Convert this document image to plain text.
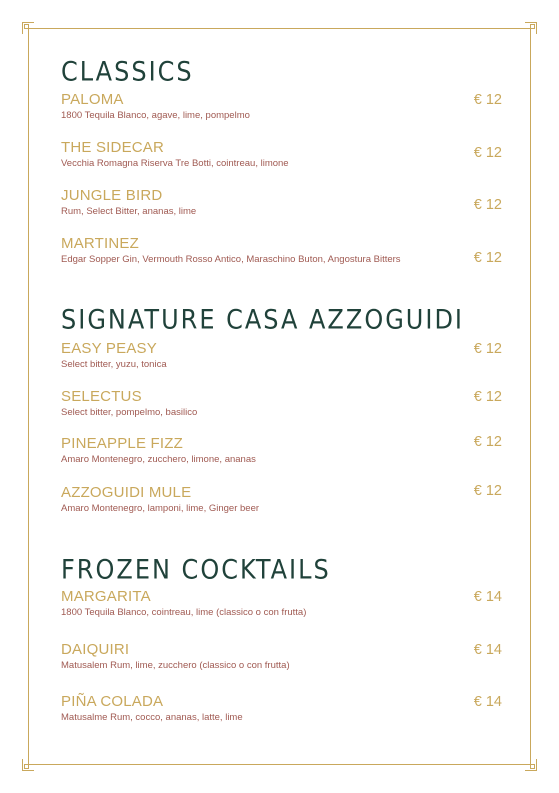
CLASSICS
PALOMA
1800 Tequila Blanco, agave, lime, pompelmo
€ 12
THE SIDECAR
Vecchia Romagna Riserva Tre Botti, cointreau, limone
€ 12
JUNGLE BIRD
Rum, Select Bitter, ananas, lime	€ 12
MARTINEZ
Edgar Sopper Gin, Vermouth Rosso Antico, Maraschino Buton, Angostura Bitters	€ 12
SIGNATURE CASA AZZOGUIDI
EASY PEASY
Select bitter, yuzu, tonica
€ 12
SELECTUS
Select bitter, pompelmo, basilico
€ 12
PINEAPPLE FIZZ
Amaro Montenegro, zucchero, limone, ananas
€ 12
AZZOGUIDI MULE
Amaro Montenegro, lamponi, lime, Ginger beer
€ 12
FROZEN COCKTAILS
MARGARITA
1800 Tequila Blanco, cointreau, lime (classico o con frutta)
€ 14
DAIQUIRI
Matusalem Rum, lime, zucchero (classico o con frutta)
€ 14
PIÑA COLADA
Matusalme Rum, cocco, ananas, latte, lime
€ 14
